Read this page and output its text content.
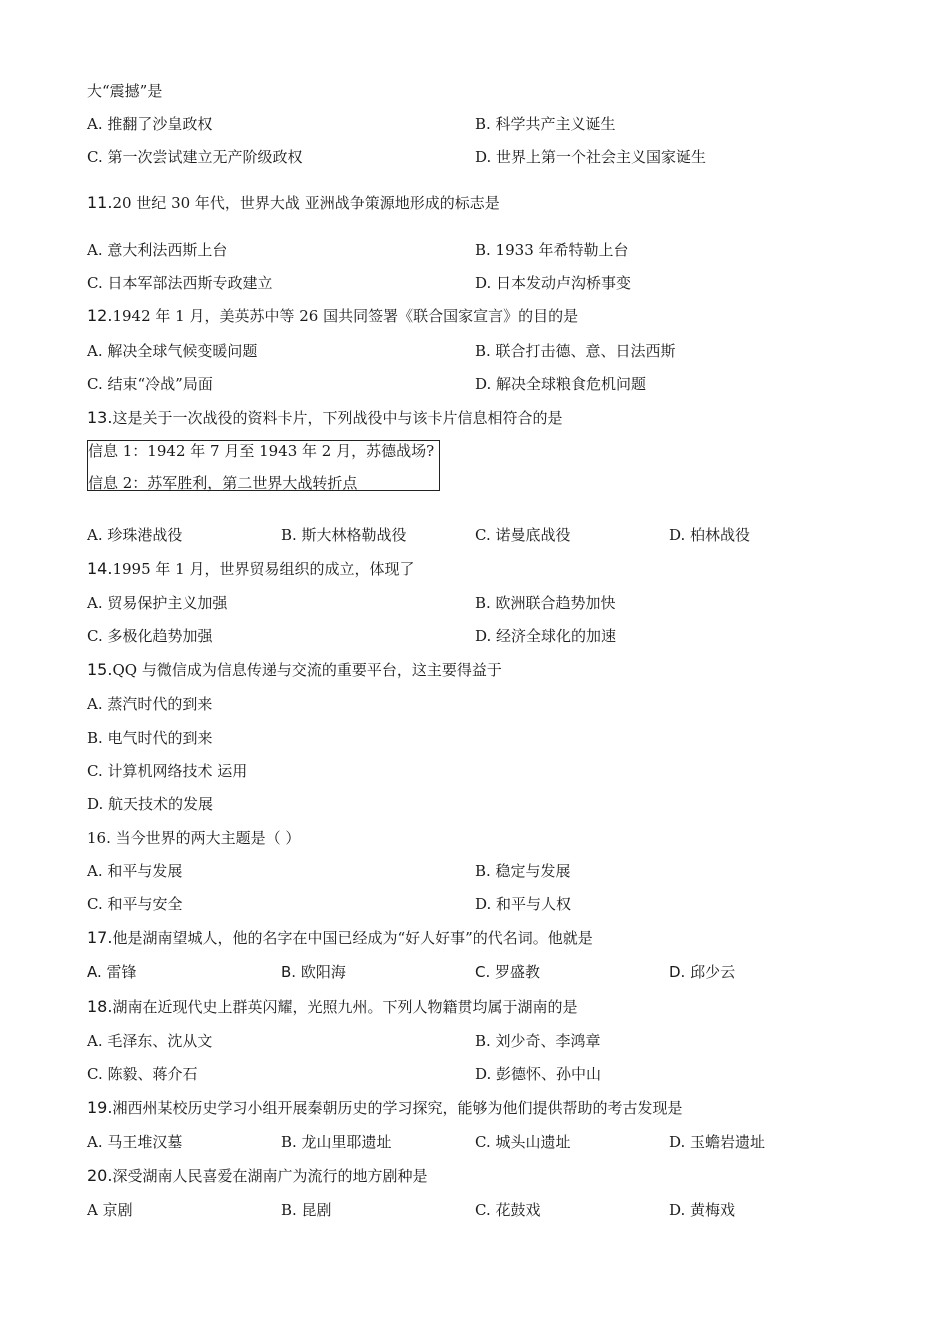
大“震撼”是
A. 推翻了沙皇政权	B. 科学共产主义诞生
C. 第一次尝试建立无产阶级政权	D. 世界上第一个社会主义国家诞生
11.20 世纪 30 年代，世界大战 亚洲战争策源地形成的标志是
A. 意大利法西斯上台	B. 1933 年希特勒上台
C. 日本军部法西斯专政建立	D. 日本发动卢沟桥事变
12.1942 年 1 月，美英苏中等 26 国共同签署《联合国家宣言》的目的是
A. 解决全球气候变暖问题	B. 联合打击德、意、日法西斯
C. 结束“冷战”局面	D. 解决全球粮食危机问题
13.这是关于一次战役的资料卡片，下列战役中与该卡片信息相符合的是
信息 1：1942 年 7 月至 1943 年 2 月，苏德战场?
信息 2：苏军胜利，第二世界大战转折点
A. 珍珠港战役	B. 斯大林格勒战役	C. 诺曼底战役	D. 柏林战役
14.1995 年 1 月，世界贸易组织的成立，体现了
A. 贸易保护主义加强	B. 欧洲联合趋势加快
C. 多极化趋势加强	D. 经济全球化的加速
15.QQ 与微信成为信息传递与交流的重要平台，这主要得益于
A. 蒸汽时代的到来
B. 电气时代的到来
C. 计算机网络技术 运用
D. 航天技术的发展
16. 当今世界的两大主题是（ ）
A. 和平与发展	B. 稳定与发展
C. 和平与安全	D. 和平与人权
17.他是湖南望城人，他的名字在中国已经成为“好人好事”的代名词。他就是
A. 雷锋	B. 欧阳海	C. 罗盛教	D. 邱少云
18.湖南在近现代史上群英闪耀，光照九州。下列人物籍贯均属于湖南的是
A. 毛泽东、沈从文	B. 刘少奇、李鸿章
C. 陈毅、蒋介石	D. 彭德怀、孙中山
19.湘西州某校历史学习小组开展秦朝历史的学习探究，能够为他们提供帮助的考古发现是
A. 马王堆汉墓	B. 龙山里耶遗址	C. 城头山遗址	D. 玉蟾岩遗址
20.深受湖南人民喜爱在湖南广为流行的地方剧种是
A 京剧	B. 昆剧	C. 花鼓戏	D. 黄梅戏
